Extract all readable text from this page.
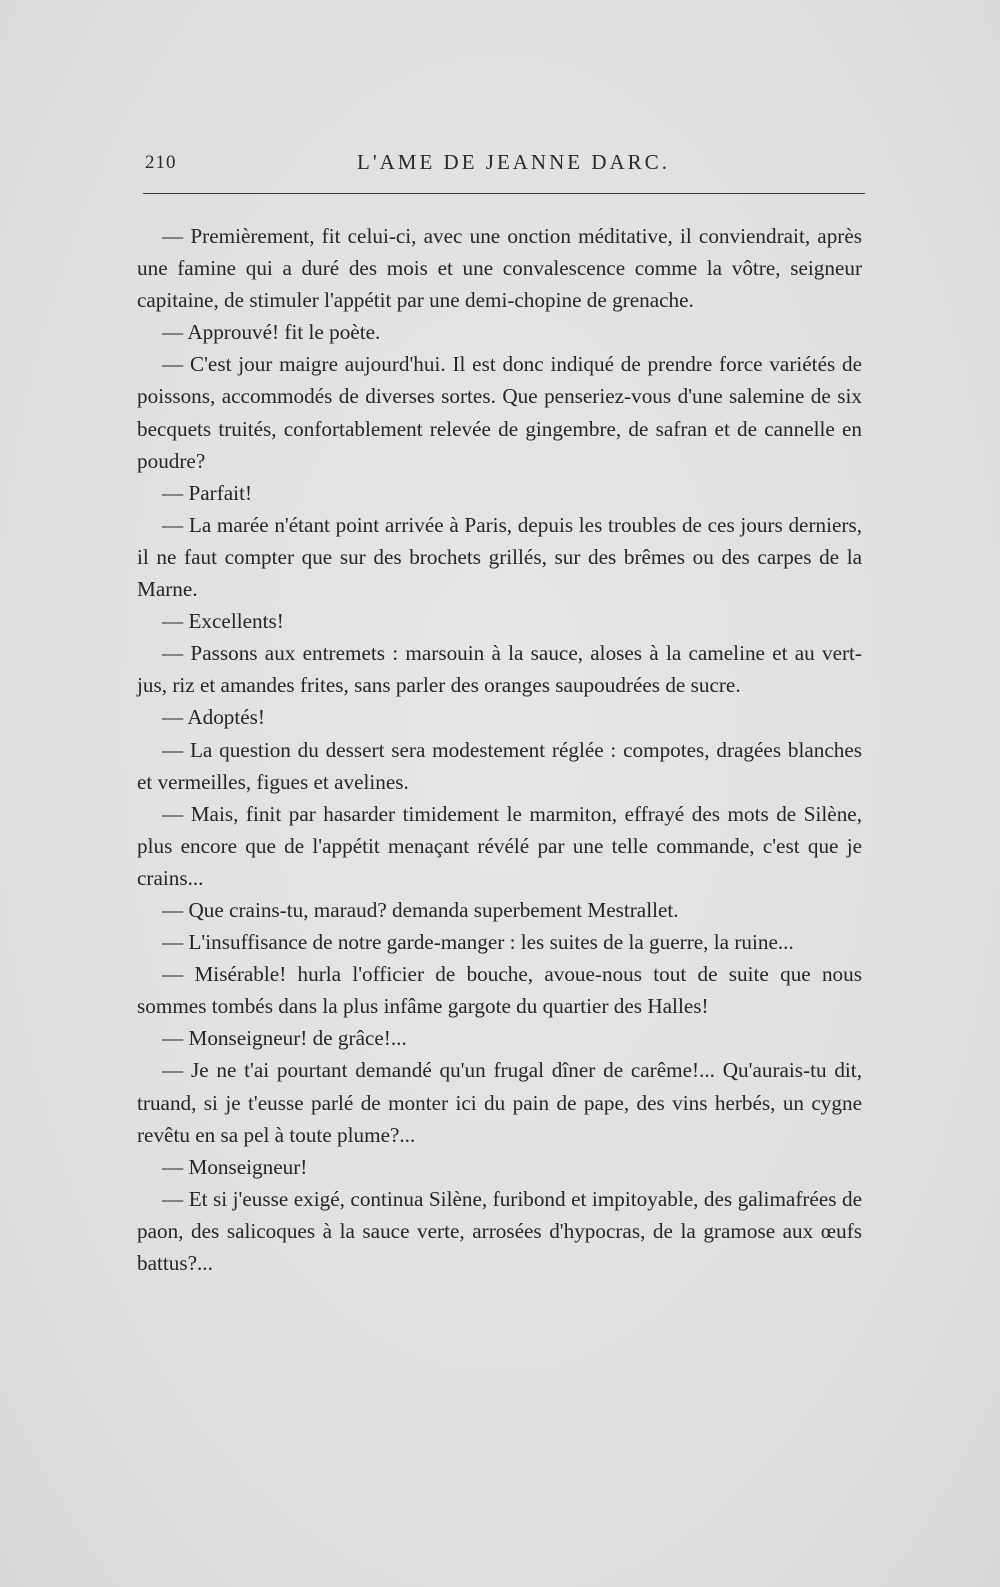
210	L'AME DE JEANNE DARC.

— Premièrement, fit celui-ci, avec une onction méditative, il conviendrait, après une famine qui a duré des mois et une convalescence comme la vôtre, seigneur capitaine, de stimuler l'appétit par une demi-chopine de grenache.

— Approuvé! fit le poète.

— C'est jour maigre aujourd'hui. Il est donc indiqué de prendre force variétés de poissons, accommodés de diverses sortes. Que penseriez-vous d'une salemine de six becquets truités, confortablement relevée de gingembre, de safran et de cannelle en poudre?

— Parfait!

— La marée n'étant point arrivée à Paris, depuis les troubles de ces jours derniers, il ne faut compter que sur des brochets grillés, sur des brêmes ou des carpes de la Marne.

— Excellents!

— Passons aux entremets : marsouin à la sauce, aloses à la cameline et au vert-jus, riz et amandes frites, sans parler des oranges saupoudrées de sucre.

— Adoptés!

— La question du dessert sera modestement réglée : compotes, dragées blanches et vermeilles, figues et avelines.

— Mais, finit par hasarder timidement le marmiton, effrayé des mots de Silène, plus encore que de l'appétit menaçant révélé par une telle commande, c'est que je crains...

— Que crains-tu, maraud? demanda superbement Mestrallet.

— L'insuffisance de notre garde-manger : les suites de la guerre, la ruine...

— Misérable! hurla l'officier de bouche, avoue-nous tout de suite que nous sommes tombés dans la plus infâme gargote du quartier des Halles!

— Monseigneur! de grâce!...

— Je ne t'ai pourtant demandé qu'un frugal dîner de carême!... Qu'aurais-tu dit, truand, si je t'eusse parlé de monter ici du pain de pape, des vins herbés, un cygne revêtu en sa pel à toute plume?...

— Monseigneur!

— Et si j'eusse exigé, continua Silène, furibond et impitoyable, des galimafrées de paon, des salicoques à la sauce verte, arrosées d'hypocras, de la gramose aux œufs battus?...
